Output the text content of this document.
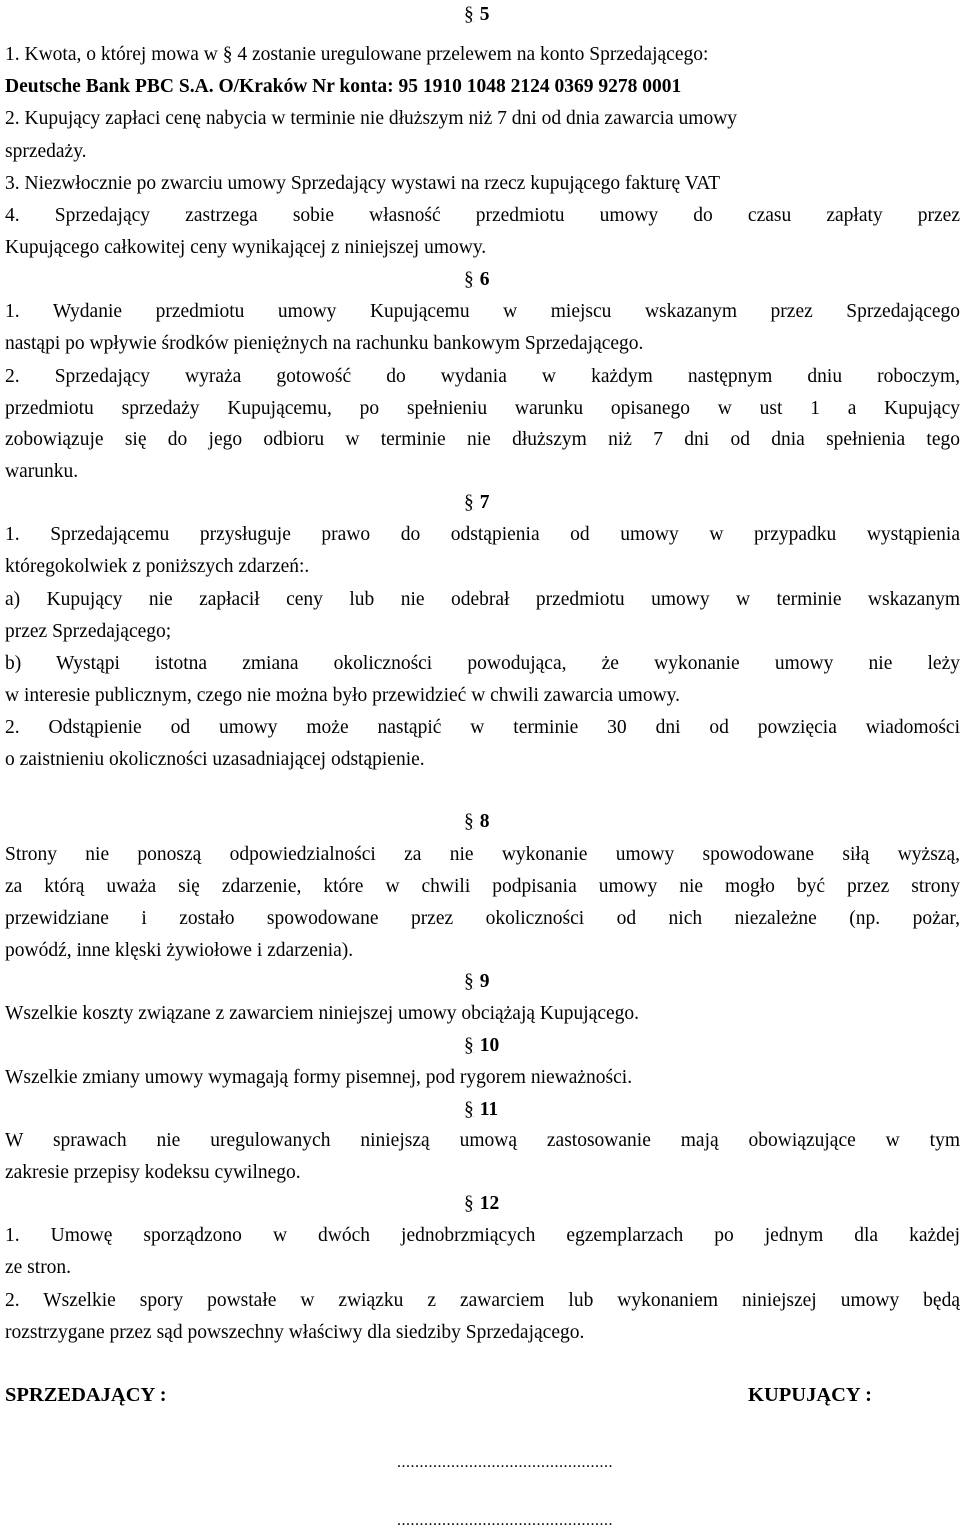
§ 5
1. Kwota, o której mowa w § 4 zostanie uregulowane przelewem na konto Sprzedającego:
Deutsche Bank PBC S.A. O/Kraków Nr konta: 95 1910 1048 2124 0369 9278 0001
2. Kupujący zapłaci cenę nabycia w terminie nie dłuższym niż 7 dni od dnia zawarcia umowy
sprzedaży.
3. Niezwłocznie po zwarciu umowy Sprzedający wystawi na rzecz kupującego fakturę VAT
4. Sprzedający zastrzega sobie własność przedmiotu umowy do czasu zapłaty przez
Kupującego całkowitej ceny wynikającej z niniejszej umowy.
§ 6
1. Wydanie przedmiotu umowy Kupującemu w miejscu wskazanym przez Sprzedającego
nastąpi po wpływie środków pieniężnych na rachunku bankowym Sprzedającego.
2. Sprzedający wyraża gotowość do wydania w każdym następnym dniu roboczym,
przedmiotu sprzedaży Kupującemu, po spełnieniu warunku opisanego w ust 1 a Kupujący
zobowiązuje się do jego odbioru w terminie nie dłuższym niż 7 dni od dnia spełnienia tego
warunku.
§ 7
1. Sprzedającemu przysługuje prawo do odstąpienia od umowy w przypadku wystąpienia
któregokolwiek z poniższych zdarzeń:.
a) Kupujący nie zapłacił ceny lub nie odebrał przedmiotu umowy w terminie wskazanym
przez Sprzedającego;
b) Wystąpi istotna zmiana okoliczności powodująca, że wykonanie umowy nie leży
w interesie publicznym, czego nie można było przewidzieć w chwili zawarcia umowy.
2. Odstąpienie od umowy może nastąpić w terminie 30 dni od powzięcia wiadomości
o zaistnieniu okoliczności uzasadniającej odstąpienie.
§ 8
Strony nie ponoszą odpowiedzialności za nie wykonanie umowy spowodowane siłą wyższą,
za którą uważa się zdarzenie, które w chwili podpisania umowy nie mogło być przez strony
przewidziane i zostało spowodowane przez okoliczności od nich niezależne (np. pożar,
powódź, inne klęski żywiołowe i zdarzenia).
§ 9
Wszelkie koszty związane z zawarciem niniejszej umowy obciążają Kupującego.
§ 10
Wszelkie zmiany umowy wymagają formy pisemnej, pod rygorem nieważności.
§ 11
W sprawach nie uregulowanych niniejszą umową zastosowanie mają obowiązujące w tym
zakresie przepisy kodeksu cywilnego.
§ 12
1. Umowę sporządzono w dwóch jednobrzmiących egzemplarzach po jednym dla każdej
ze stron.
2. Wszelkie spory powstałe w związku z zawarciem lub wykonaniem niniejszej umowy będą
rozstrzygane przez sąd powszechny właściwy dla siedziby Sprzedającego.
SPRZEDAJĄCY :	KUPUJĄCY :
................................................
................................................
